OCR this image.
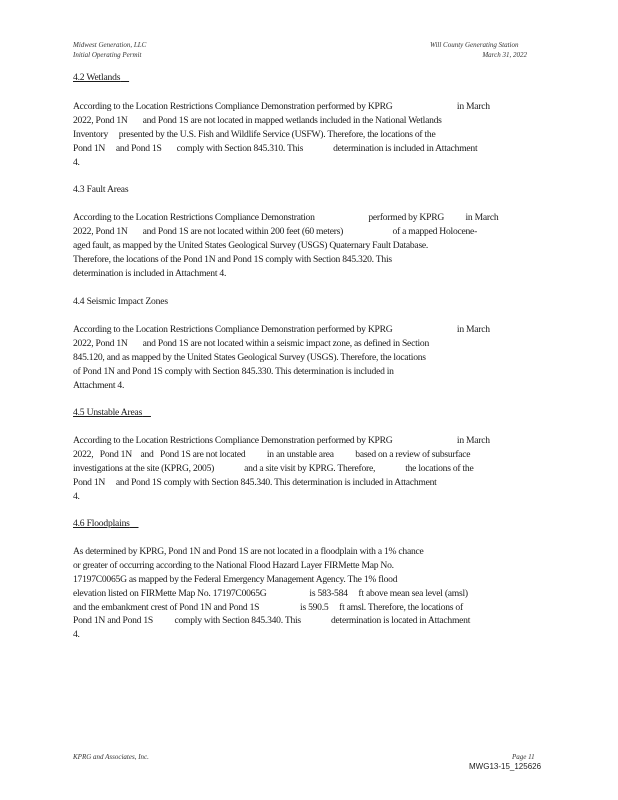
Midwest Generation, LLC
Initial Operating Permit
Will County Generating Station
March 31, 2022
4.2 Wetlands
According to the Location Restrictions Compliance Demonstration performed by KPRG                              in March
2022, Pond 1N       and Pond 1S are not located in mapped wetlands included in the National Wetlands
Inventory     presented by the U.S. Fish and Wildlife Service (USFW). Therefore, the locations of the
Pond 1N     and Pond 1S       comply with Section 845.310. This              determination is included in Attachment
4.
4.3 Fault Areas
According to the Location Restrictions Compliance Demonstration                         performed by KPRG          in March
2022, Pond 1N       and Pond 1S are not located within 200 feet (60 meters)                       of a mapped Holocene-
aged fault, as mapped by the United States Geological Survey (USGS) Quaternary Fault Database.
Therefore, the locations of the Pond 1N and Pond 1S comply with Section 845.320. This
determination is included in Attachment 4.
4.4 Seismic Impact Zones
According to the Location Restrictions Compliance Demonstration performed by KPRG                              in March
2022, Pond 1N       and Pond 1S are not located within a seismic impact zone, as defined in Section
845.120, and as mapped by the United States Geological Survey (USGS). Therefore, the locations
of Pond 1N and Pond 1S comply with Section 845.330. This determination is included in
Attachment 4.
4.5 Unstable Areas
According to the Location Restrictions Compliance Demonstration performed by KPRG                              in March
2022,   Pond 1N    and   Pond 1S are not located          in an unstable area          based on a review of subsurface
investigations at the site (KPRG, 2005)              and a site visit by KPRG. Therefore,              the locations of the
Pond 1N     and Pond 1S comply with Section 845.340. This determination is included in Attachment
4.
4.6 Floodplains
As determined by KPRG, Pond 1N and Pond 1S are not located in a floodplain with a 1% chance
or greater of occurring according to the National Flood Hazard Layer FIRMette Map No.
17197C0065G as mapped by the Federal Emergency Management Agency. The 1% flood
elevation listed on FIRMette Map No. 17197C0065G                    is 583-584     ft above mean sea level (amsl)
and the embankment crest of Pond 1N and Pond 1S                   is 590.5     ft amsl. Therefore, the locations of
Pond 1N and Pond 1S          comply with Section 845.340. This              determination is located in Attachment
4.
KPRG and Associates, Inc.	Page 11
MWG13-15_125626
